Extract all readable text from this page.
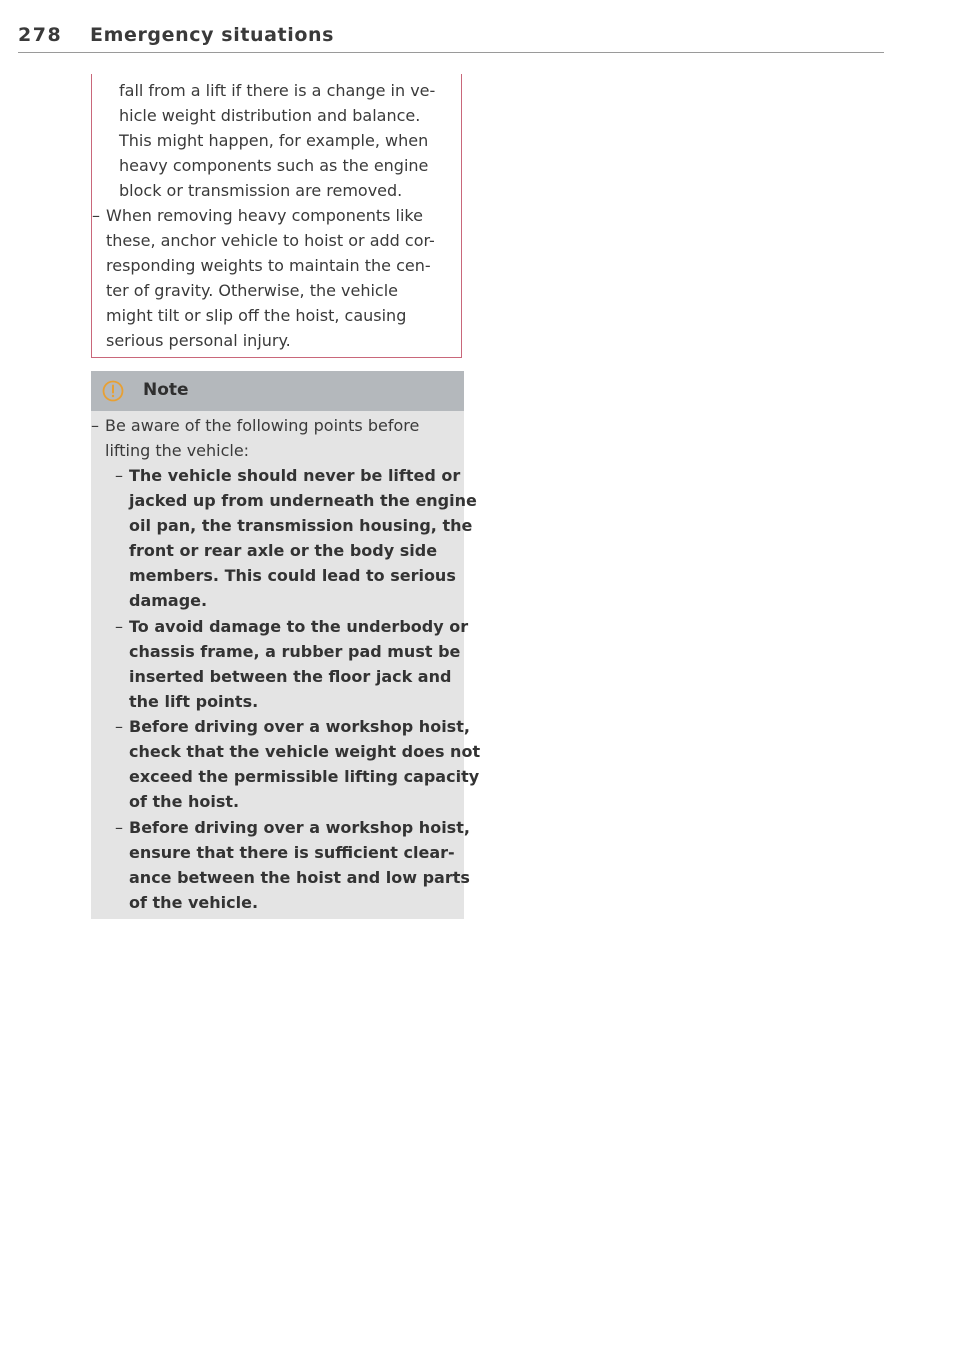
278 Emergency situations
fall from a lift if there is a change in ve-
hicle weight distribution and balance.
This might happen, for example, when
heavy components such as the engine
block or transmission are removed.
– When removing heavy components like
these, anchor vehicle to hoist or add cor-
responding weights to maintain the cen-
ter of gravity. Otherwise, the vehicle
might tilt or slip off the hoist, causing
serious personal injury.
Note
– Be aware of the following points before
lifting the vehicle:
– The vehicle should never be lifted or
jacked up from underneath the engine
oil pan, the transmission housing, the
front or rear axle or the body side
members. This could lead to serious
damage.
– To avoid damage to the underbody or
chassis frame, a rubber pad must be
inserted between the floor jack and
the lift points.
– Before driving over a workshop hoist,
check that the vehicle weight does not
exceed the permissible lifting capacity
of the hoist.
– Before driving over a workshop hoist,
ensure that there is sufficient clear-
ance between the hoist and low parts
of the vehicle.
